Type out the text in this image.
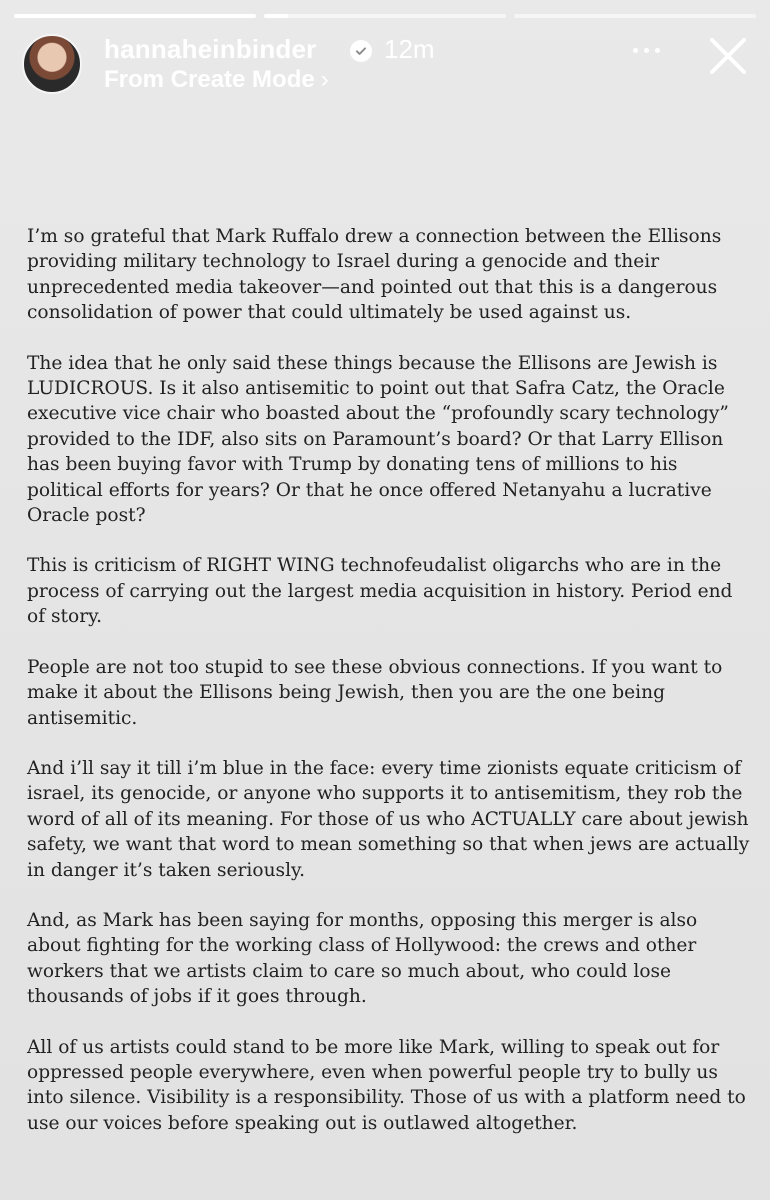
hannaheinbinder	12m
From Create Mode ›

I’m so grateful that Mark Ruffalo drew a connection between the Ellisons providing military technology to Israel during a genocide and their unprecedented media takeover—and pointed out that this is a dangerous consolidation of power that could ultimately be used against us.

The idea that he only said these things because the Ellisons are Jewish is LUDICROUS. Is it also antisemitic to point out that Safra Catz, the Oracle executive vice chair who boasted about the “profoundly scary technology” provided to the IDF, also sits on Paramount’s board? Or that Larry Ellison has been buying favor with Trump by donating tens of millions to his political efforts for years? Or that he once offered Netanyahu a lucrative Oracle post?

This is criticism of RIGHT WING technofeudalist oligarchs who are in the process of carrying out the largest media acquisition in history. Period end of story.

People are not too stupid to see these obvious connections. If you want to make it about the Ellisons being Jewish, then you are the one being antisemitic.

And i’ll say it till i’m blue in the face: every time zionists equate criticism of israel, its genocide, or anyone who supports it to antisemitism, they rob the word of all of its meaning. For those of us who ACTUALLY care about jewish safety, we want that word to mean something so that when jews are actually in danger it’s taken seriously.

And, as Mark has been saying for months, opposing this merger is also about fighting for the working class of Hollywood: the crews and other workers that we artists claim to care so much about, who could lose thousands of jobs if it goes through.

All of us artists could stand to be more like Mark, willing to speak out for oppressed people everywhere, even when powerful people try to bully us into silence. Visibility is a responsibility. Those of us with a platform need to use our voices before speaking out is outlawed altogether.
